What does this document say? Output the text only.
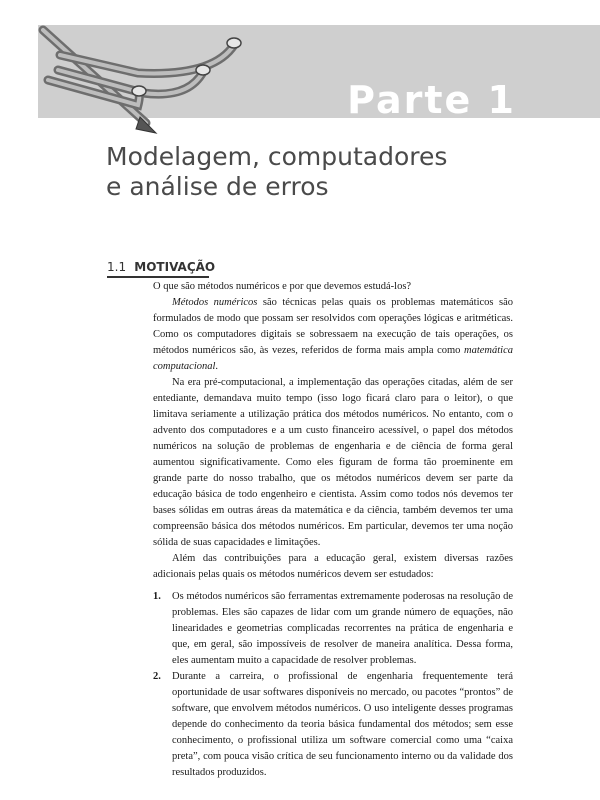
Parte 1
Modelagem, computadores
e análise de erros
1.1 MOTIVAÇÃO

O que são métodos numéricos e por que devemos estudá-los?

Métodos numéricos são técnicas pelas quais os problemas matemáticos são formulados de modo que possam ser resolvidos com operações lógicas e aritméticas. Como os computadores digitais se sobressaem na execução de tais operações, os métodos numéricos são, às vezes, referidos de forma mais ampla como matemática computacional.

Na era pré-computacional, a implementação das operações citadas, além de ser entediante, demandava muito tempo (isso logo ficará claro para o leitor), o que limitava seriamente a utilização prática dos métodos numéricos. No entanto, com o advento dos computadores e a um custo financeiro acessível, o papel dos métodos numéricos na solução de problemas de engenharia e de ciência de forma geral aumentou significativamente. Como eles figuram de forma tão proeminente em grande parte do nosso trabalho, que os métodos numéricos devem ser parte da educação básica de todo engenheiro e cientista. Assim como todos nós devemos ter bases sólidas em outras áreas da matemática e da ciência, também devemos ter uma compreensão básica dos métodos numéricos. Em particular, devemos ter uma noção sólida de suas capacidades e limitações.

Além das contribuições para a educação geral, existem diversas razões adicionais pelas quais os métodos numéricos devem ser estudados:

1. Os métodos numéricos são ferramentas extremamente poderosas na resolução de problemas. Eles são capazes de lidar com um grande número de equações, não linearidades e geometrias complicadas recorrentes na prática de engenharia e que, em geral, são impossíveis de resolver de maneira analítica. Dessa forma, eles aumentam muito a capacidade de resolver problemas.
2. Durante a carreira, o profissional de engenharia frequentemente terá oportunidade de usar softwares disponíveis no mercado, ou pacotes “prontos” de software, que envolvem métodos numéricos. O uso inteligente desses programas depende do conhecimento da teoria básica fundamental dos métodos; sem esse conhecimento, o profissional utiliza um software comercial como uma “caixa preta”, com pouca visão crítica de seu funcionamento interno ou da validade dos resultados produzidos.
